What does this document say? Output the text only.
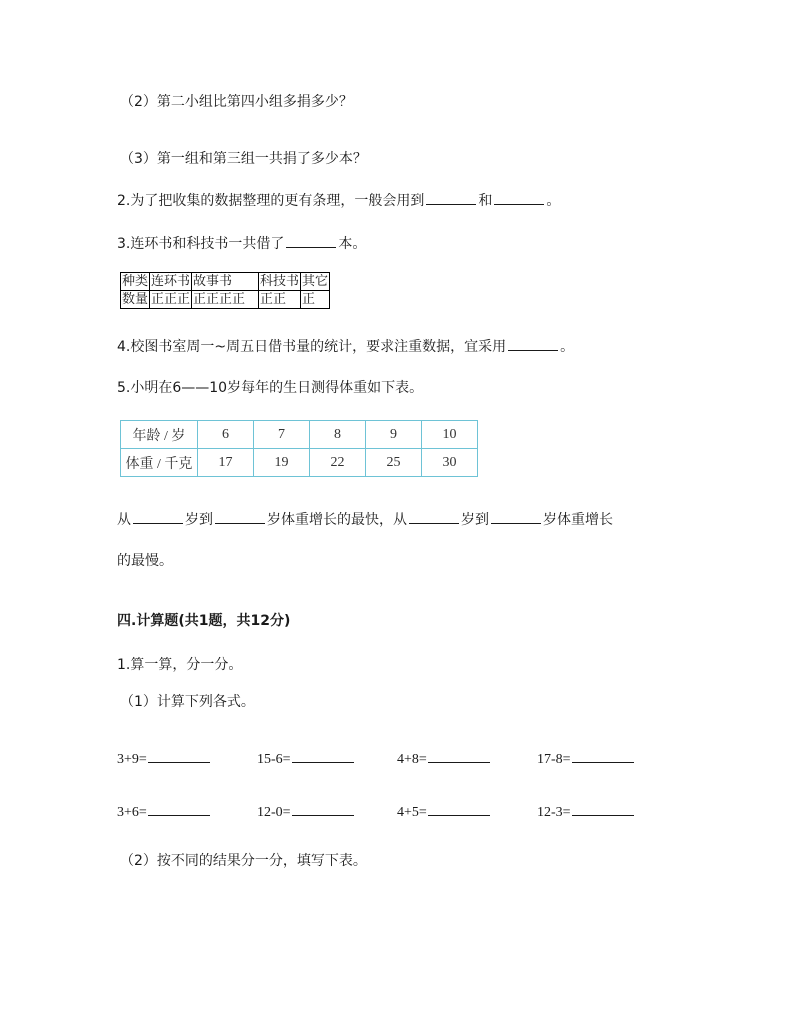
（2）第二小组比第四小组多捐多少？
（3）第一组和第三组一共捐了多少本？
2.为了把收集的数据整理的更有条理，一般会用到	和	。
3.连环书和科技书一共借了	本。
种类	连环书	故事书	科技书	其它
数量	正正正	正正正正	正正	正
4.校图书室周一~周五日借书量的统计，要求注重数据，宜采用	。
5.小明在6——10岁每年的生日测得体重如下表。
年龄 / 岁	6	7	8	9	10
体重 / 千克	17	19	22	25	30
从	岁到	岁体重增长的最快，从	岁到	岁体重增长
的最慢。
四.计算题(共1题，共12分)
1.算一算，分一分。
（1）计算下列各式。
3+9=	15-6=	4+8=	17-8=
3+6=	12-0=	4+5=	12-3=
（2）按不同的结果分一分，填写下表。
